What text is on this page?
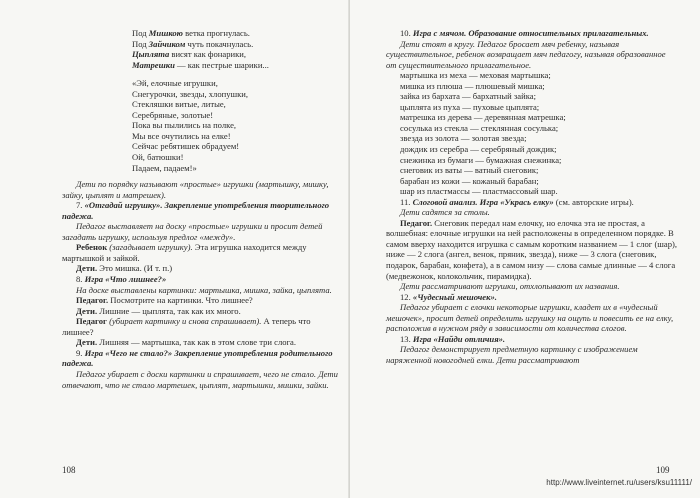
Под Мишкою ветка прогнулась.

Под Зайчиком чуть покачнулась.

Цыплята висят как фонарики,

Матрешки — как пестрые шарики...

«Эй, елочные игрушки,

Снегурочки, звезды, хлопушки,

Стекляшки витые, литые,

Серебряные, золотые!

Пока вы пылились на полке,

Мы все очутились на елке!

Сейчас ребятишек обрадуем!

Ой, батюшки!

Падаем, падаем!»

Дети по порядку называют «простые» игрушки (мартышку, мишку, зайку, цыплят и матрешек).

7. «Отгадай игрушку». Закрепление употребления творительного падежа.

Педагог выставляет на доску «простые» игрушки и просит детей загадать игрушку, используя предлог «между».

Ребенок (загадывает игрушку). Эта игрушка находится между мартышкой и зайкой.

Дети. Это мишка. (И т. п.)

8. Игра «Что лишнее?»

На доске выставлены картинки: мартышка, мишка, зайка, цыплята.

Педагог. Посмотрите на картинки. Что лишнее?

Дети. Лишние — цыплята, так как их много.

Педагог (убирает картинку и снова спрашивает). А теперь что лишнее?

Дети. Лишняя — мартышка, так как в этом слове три слога.

9. Игра «Чего не стало?» Закрепление употребления родительного падежа.

Педагог убирает с доски картинки и спрашивает, чего не стало. Дети отвечают, что не стало мартешек, цыплят, мартышки, мишки, зайки.

108

10. Игра с мячом. Образование относительных прилагательных.

Дети стоят в кругу. Педагог бросает мяч ребенку, называя существительное, ребенок возвращает мяч педагогу, называя образованное от существительного прилагательное.

мартышка из меха — меховая мартышка;

мишка из плюша — плюшевый мишка;

зайка из бархата — бархатный зайка;

цыплята из пуха — пуховые цыплята;

матрешка из дерева — деревянная матрешка;

сосулька из стекла — стеклянная сосулька;

звезда из золота — золотая звезда;

дождик из серебра — серебряный дождик;

снежинка из бумаги — бумажная снежинка;

снеговик из ваты — ватный снеговик;

барабан из кожи — кожаный барабан;

шар из пластмассы — пластмассовый шар.

11. Слоговой анализ. Игра «Укрась елку» (см. авторские игры).

Дети садятся за столы.

Педагог. Снеговик передал нам елочку, но елочка эта не простая, а волшебная: елочные игрушки на ней расположены в определенном порядке. В самом вверху находится игрушка с самым коротким названием — 1 слог (шар), ниже — 2 слога (ангел, венок, пряник, звезда), ниже — 3 слога (снеговик, подарок, барабан, конфета), а в самом низу — слова самые длинные — 4 слога (медвежонок, колокольчик, пирамидка).

Дети рассматривают игрушки, отхлопывают их названия.

12. «Чудесный мешочек».

Педагог убирает с елочки некоторые игрушки, кладет их в «чудесный мешочек», просит детей определить игрушку на ощупь и повесить ее на елку, расположив в нужном ряду в зависимости от количества слогов.

13. Игра «Найди отличия».

Педагог демонстрирует предметную картинку с изображением наряженной новогодней елки. Дети рассматривают

109
http://www.liveinternet.ru/users/ksu11111/
